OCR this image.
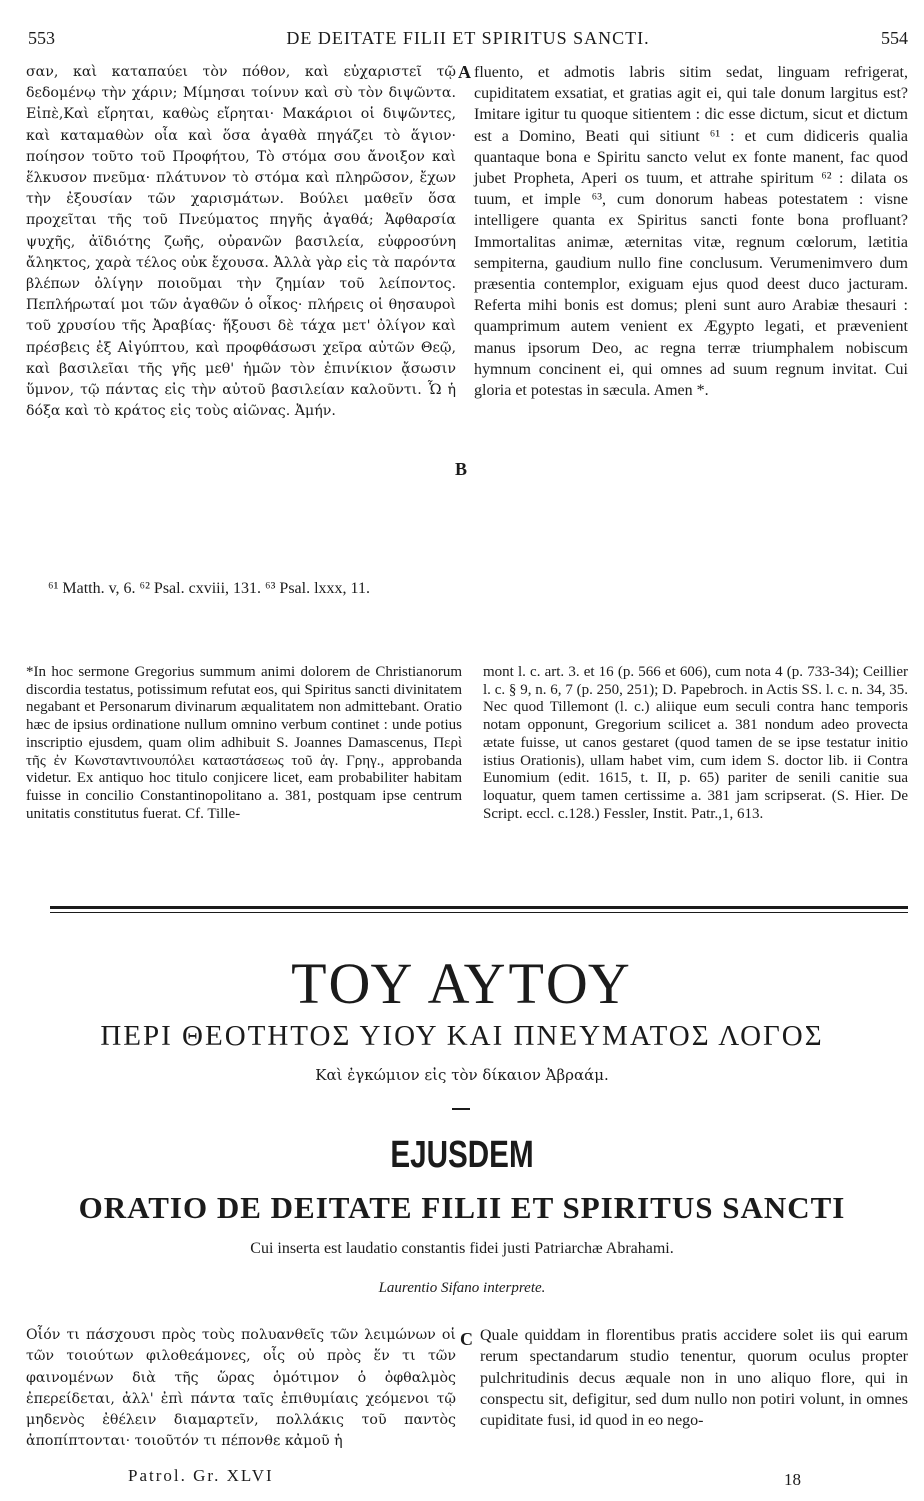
553	DE DEITATE FILII ET SPIRITUS SANCTI.	554

σαν, καὶ καταπαύει τὸν πόθον, καὶ εὐχαριστεῖ τῷ δεδομένῳ τὴν χάριν; Μίμησαι τοίνυν καὶ σὺ τὸν διψῶντα. Εἰπὲ,Καὶ εἴρηται, καθὼς εἴρηται· Μακάριοι οἱ διψῶντες, καὶ καταμαθὼν οἷα καὶ ὅσα ἀγαθὰ πηγάζει τὸ ἅγιον· ποίησον τοῦτο τοῦ Προφήτου, Τὸ στόμα σου ἄνοιξον καὶ ἕλκυσον πνεῦμα· πλάτυνον τὸ στόμα καὶ πληρῶσον, ἔχων τὴν ἐξουσίαν τῶν χαρισμάτων. Βούλει μαθεῖν ὅσα προχεῖται τῆς τοῦ Πνεύματος πηγῆς ἀγαθά; Ἀφθαρσία ψυχῆς, ἀϊδιότης ζωῆς, οὐρανῶν βασιλεία, εὐφροσύνη ἄληκτος, χαρὰ τέλος οὐκ ἔχουσα. Ἀλλὰ γὰρ εἰς τὰ παρόντα βλέπων ὀλίγην ποιοῦμαι τὴν ζημίαν τοῦ λείποντος. Πεπλήρωταί μοι τῶν ἀγαθῶν ὁ οἶκος· πλήρεις οἱ θησαυροὶ τοῦ χρυσίου τῆς Ἀραβίας· ἥξουσι δὲ τάχα μετ' ὀλίγον καὶ πρέσβεις ἐξ Αἰγύπτου, καὶ προφθάσωσι χεῖρα αὐτῶν Θεῷ, καὶ βασιλεῖαι τῆς γῆς μεθ' ἡμῶν τὸν ἐπινίκιον ᾄσωσιν ὕμνον, τῷ πάντας εἰς τὴν αὐτοῦ βασιλείαν καλοῦντι. Ὧ ἡ δόξα καὶ τὸ κράτος εἰς τοὺς αἰῶνας. Ἀμήν.

A
B

fluento, et admotis labris sitim sedat, linguam refrigerat, cupiditatem exsatiat, et gratias agit ei, qui tale donum largitus est? Imitare igitur tu quoque sitientem : dic esse dictum, sicut et dictum est a Domino, Beati qui sitiunt ⁶¹ : et cum didiceris qualia quantaque bona e Spiritu sancto velut ex fonte manent, fac quod jubet Propheta, Aperi os tuum, et attrahe spiritum ⁶² : dilata os tuum, et imple ⁶³, cum donorum habeas potestatem : visne intelligere quanta ex Spiritus sancti fonte bona profluant? Immortalitas animæ, æternitas vitæ, regnum cœlorum, lætitia sempiterna, gaudium nullo fine conclusum. Verumenimvero dum præsentia contemplor, exiguam ejus quod deest duco jacturam. Referta mihi bonis est domus; pleni sunt auro Arabiæ thesauri : quamprimum autem venient ex Ægypto legati, et prævenient manus ipsorum Deo, ac regna terræ triumphalem nobiscum hymnum concinent ei, qui omnes ad suum regnum invitat. Cui gloria et potestas in sæcula. Amen *.

⁶¹ Matth. v, 6. ⁶² Psal. cxviii, 131. ⁶³ Psal. lxxx, 11.
*In hoc sermone Gregorius summum animi dolorem de Christianorum discordia testatus, potissimum refutat eos, qui Spiritus sancti divinitatem negabant et Personarum divinarum æqualitatem non admittebant. Oratio hæc de ipsius ordinatione nullum omnino verbum continet : unde potius inscriptio ejusdem, quam olim adhibuit S. Joannes Damascenus, Περὶ τῆς ἐν Κωνσταντινουπόλει καταστάσεως τοῦ ἁγ. Γρηγ., approbanda videtur. Ex antiquo hoc titulo conjicere licet, eam probabiliter habitam fuisse in concilio Constantinopolitano a. 381, postquam ipse centrum unitatis constitutus fuerat. Cf. Tille-
mont l. c. art. 3. et 16 (p. 566 et 606), cum nota 4 (p. 733-34); Ceillier l. c. § 9, n. 6, 7 (p. 250, 251); D. Papebroch. in Actis SS. l. c. n. 34, 35. Nec quod Tillemont (l. c.) aliique eum seculi contra hanc temporis notam opponunt, Gregorium scilicet a. 381 nondum adeo provecta ætate fuisse, ut canos gestaret (quod tamen de se ipse testatur initio istius Orationis), ullam habet vim, cum idem S. doctor lib. ii Contra Eunomium (edit. 1615, t. II, p. 65) pariter de senili canitie sua loquatur, quem tamen certissime a. 381 jam scripserat. (S. Hier. De Script. eccl. c.128.) Fessler, Instit. Patr.,1, 613.
ΤΟΥ ΑΥΤΟΥ
ΠΕΡΙ ΘΕΟΤΗΤΟΣ ΥΙΟΥ ΚΑΙ ΠΝΕΥΜΑΤΟΣ ΛΟΓΟΣ
Καὶ ἐγκώμιον εἰς τὸν δίκαιον Ἀβραάμ.
EJUSDEM
ORATIO DE DEITATE FILII ET SPIRITUS SANCTI
Cui inserta est laudatio constantis fidei justi Patriarchæ Abrahami.
Laurentio Sifano interprete.
Οἷόν τι πάσχουσι πρὸς τοὺς πολυανθεῖς τῶν λειμώνων οἱ τῶν τοιούτων φιλοθεάμονες, οἷς οὐ πρὸς ἕν τι τῶν φαινομένων διὰ τῆς ὥρας ὁμότιμον ὁ ὀφθαλμὸς ἐπερείδεται, ἀλλ' ἐπὶ πάντα ταῖς ἐπιθυμίαις χεόμενοι τῷ μηδενὸς ἐθέλειν διαμαρτεῖν, πολλάκις τοῦ παντὸς ἀποπίπτονται· τοιοῦτόν τι πέπονθε κἀμοῦ ἡ
C Quale quiddam in florentibus pratis accidere solet iis qui earum rerum spectandarum studio tenentur, quorum oculus propter pulchritudinis decus æquale non in uno aliquo flore, qui in conspectu sit, defigitur, sed dum nullo non potiri volunt, in omnes cupiditate fusi, id quod in eo nego-
Patrol. Gr. XLVI	18
